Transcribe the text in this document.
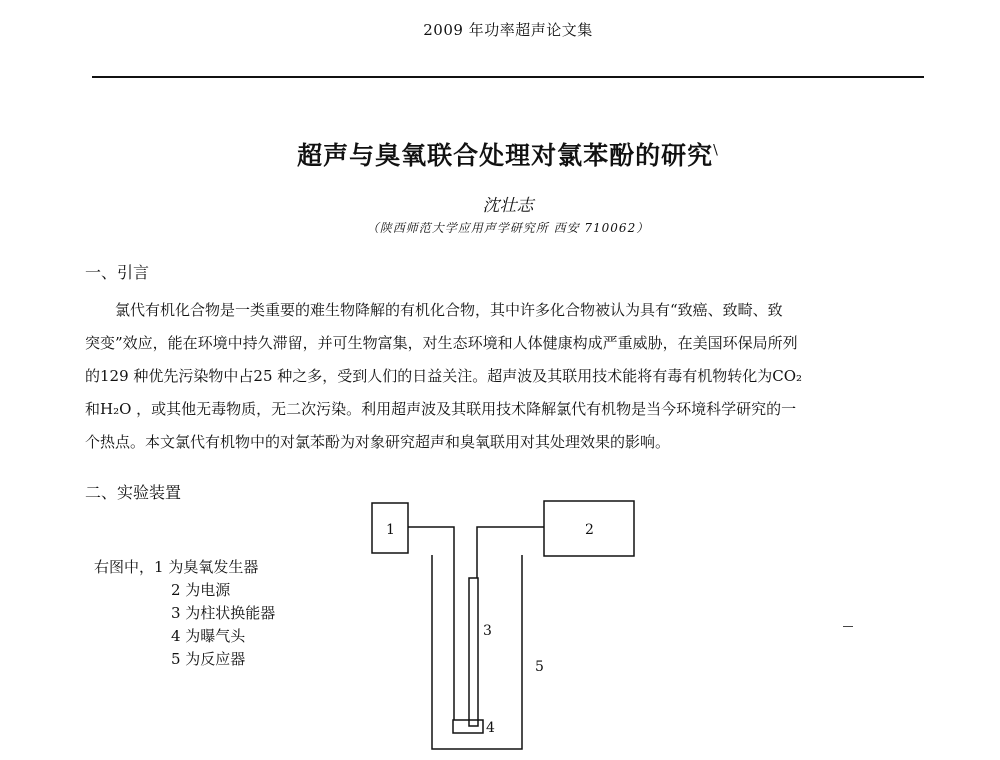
2009 年功率超声论文集
超声与臭氧联合处理对氯苯酚的研究\
沈壮志
（陕西师范大学应用声学研究所 西安 710062）
一、引言

氯代有机化合物是一类重要的难生物降解的有机化合物，其中许多化合物被认为具有“致癌、致畸、致

突变”效应，能在环境中持久滞留，并可生物富集，对生态环境和人体健康构成严重威胁，在美国环保局所列

的129 种优先污染物中占25 种之多，受到人们的日益关注。超声波及其联用技术能将有毒有机物转化为CO₂

和H₂O ，或其他无毒物质，无二次污染。利用超声波及其联用技术降解氯代有机物是当今环境科学研究的一

个热点。本文氯代有机物中的对氯苯酚为对象研究超声和臭氧联用对其处理效果的影响。

二、实验装置
右图中，1 为臭氧发生器
2 为电源
3 为柱状换能器
4 为曝气头
5 为反应器
1	2
3
4
5
